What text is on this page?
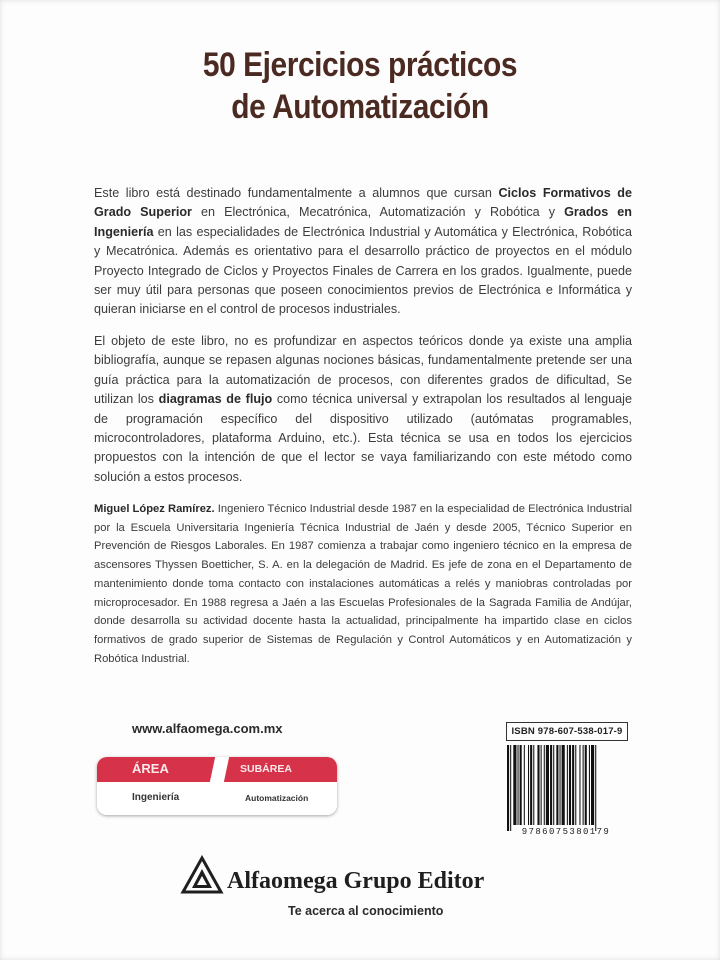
50 Ejercicios prácticos
de Automatización
Este libro está destinado fundamentalmente a alumnos que cursan Ciclos Formativos de Grado Superior en Electrónica, Mecatrónica, Automatización y Robótica y Grados en Ingeniería en las especialidades de Electrónica Industrial y Automática y Electrónica, Robótica y Mecatrónica. Además es orientativo para el desarrollo práctico de proyectos en el módulo Proyecto Integrado de Ciclos y Proyectos Finales de Carrera en los grados. Igualmente, puede ser muy útil para personas que poseen conocimientos previos de Electrónica e Informática y quieran iniciarse en el control de procesos industriales.
El objeto de este libro, no es profundizar en aspectos teóricos donde ya existe una amplia bibliografía, aunque se repasen algunas nociones básicas, fundamentalmente pretende ser una guía práctica para la automatización de procesos, con diferentes grados de dificultad, Se utilizan los diagramas de flujo como técnica universal y extrapolan los resultados al lenguaje de programación específico del dispositivo utilizado (autómatas programables, microcontroladores, plataforma Arduino, etc.). Esta técnica se usa en todos los ejercicios propuestos con la intención de que el lector se vaya familiarizando con este método como solución a estos procesos.
Miguel López Ramírez. Ingeniero Técnico Industrial desde 1987 en la especialidad de Electrónica Industrial por la Escuela Universitaria Ingeniería Técnica Industrial de Jaén y desde 2005, Técnico Superior en Prevención de Riesgos Laborales. En 1987 comienza a trabajar como ingeniero técnico en la empresa de ascensores Thyssen Boetticher, S. A. en la delegación de Madrid. Es jefe de zona en el Departamento de mantenimiento donde toma contacto con instalaciones automáticas a relés y maniobras controladas por microprocesador. En 1988 regresa a Jaén a las Escuelas Profesionales de la Sagrada Familia de Andújar, donde desarrolla su actividad docente hasta la actualidad, principalmente ha impartido clase en ciclos formativos de grado superior de Sistemas de Regulación y Control Automáticos y en Automatización y Robótica Industrial.
www.alfaomega.com.mx
ÁREA	SUBÁREA
Ingeniería	Automatización
ISBN 978-607-538-017-9
9786075380179
Alfaomega Grupo Editor
Te acerca al conocimiento
